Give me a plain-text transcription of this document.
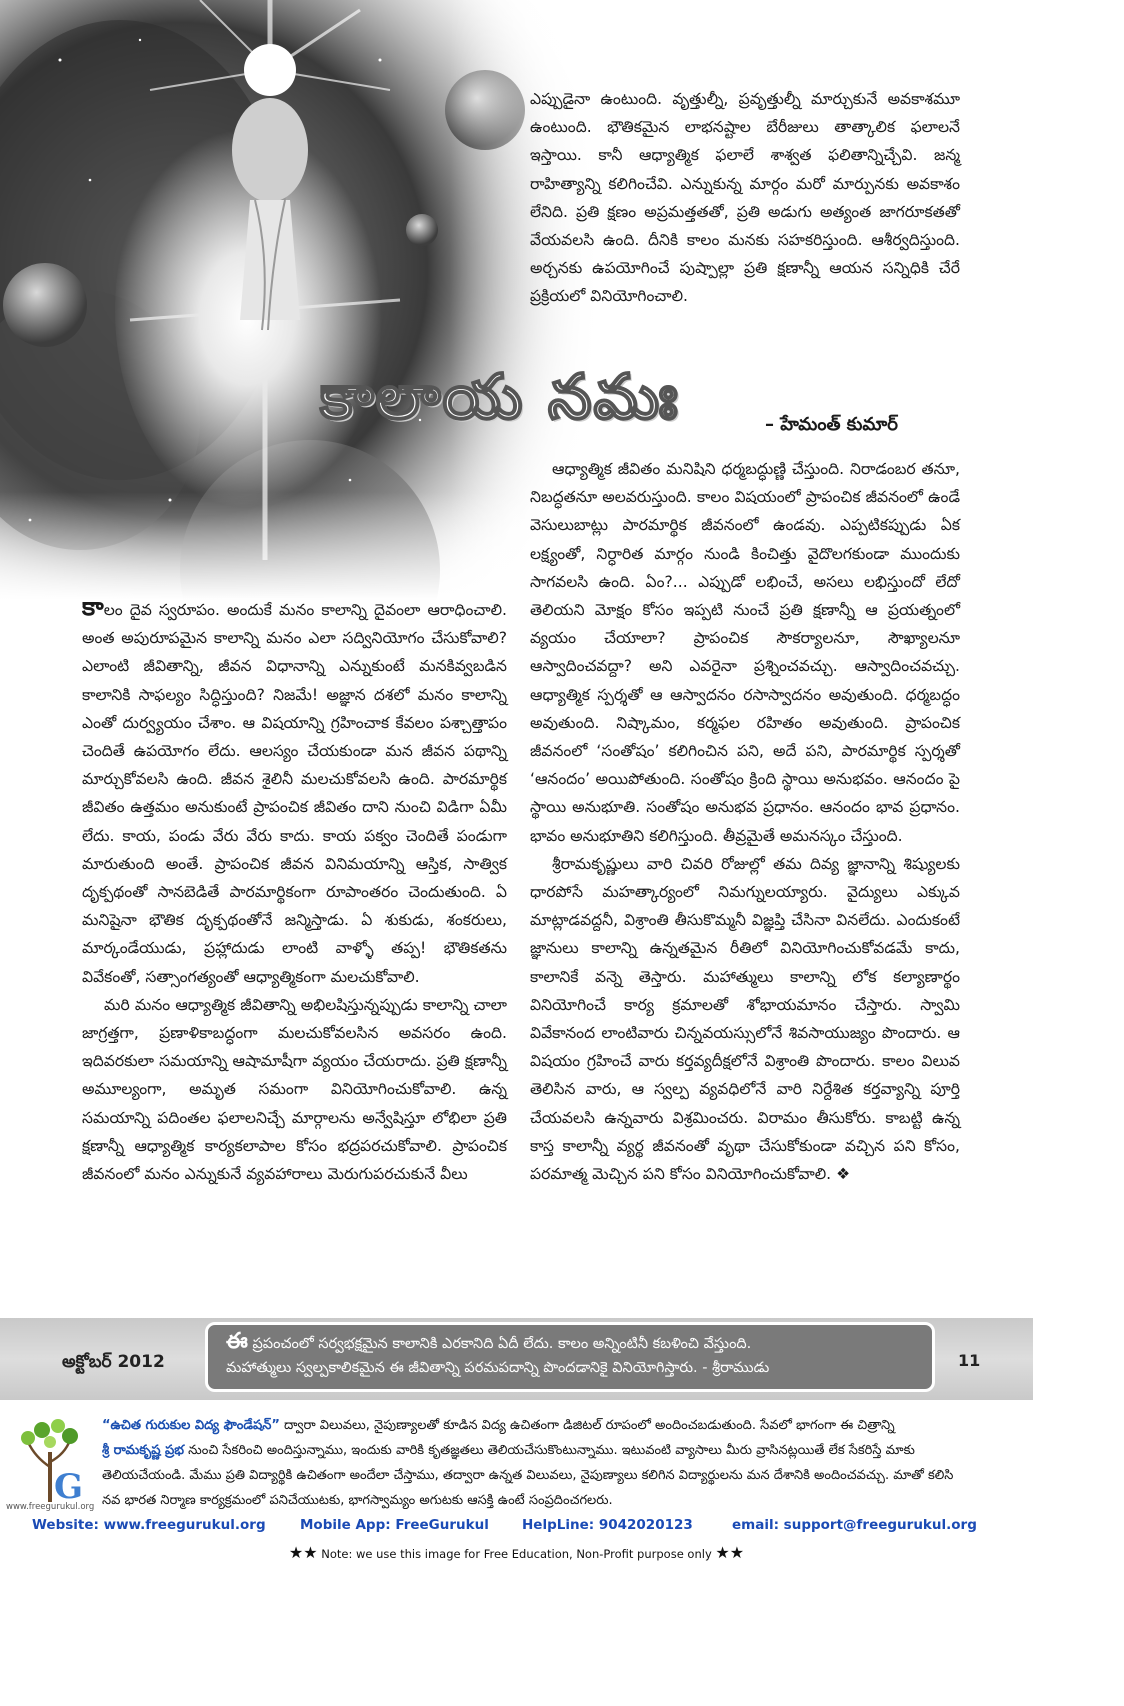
ఎప్పుడైనా ఉంటుంది. వృత్తుల్నీ, ప్రవృత్తుల్నీ మార్చుకునే అవకాశమూ ఉంటుంది. భౌతికమైన లాభనష్టాల బేరీజులు తాత్కాలిక ఫలాలనే ఇస్తాయి. కానీ ఆధ్యాత్మిక ఫలాలే శాశ్వత ఫలితాన్నిచ్చేవి. జన్మ రాహిత్యాన్ని కలిగించేవి. ఎన్నుకున్న మార్గం మరో మార్పునకు అవకాశం లేనిది. ప్రతి క్షణం అప్రమత్తతతో, ప్రతి అడుగు అత్యంత జాగరూకతతో వేయవలసి ఉంది. దీనికి కాలం మనకు సహకరిస్తుంది. ఆశీర్వదిస్తుంది. అర్చనకు ఉపయోగించే పుష్పాల్లా ప్రతి క్షణాన్నీ ఆయన సన్నిధికి చేరే ప్రక్రియలో వినియోగించాలి.

కాలాయ నమః	– హేమంత్ కుమార్

ఆధ్యాత్మిక జీవితం మనిషిని ధర్మబద్ధుణ్ణి చేస్తుంది. నిరాడంబర తనూ, నిబద్ధతనూ అలవరుస్తుంది. కాలం విషయంలో ప్రాపంచిక జీవనంలో ఉండే వెసులుబాట్లు పారమార్థిక జీవనంలో ఉండవు. ఎప్పటికప్పుడు ఏక లక్ష్యంతో, నిర్ధారిత మార్గం నుండి కించిత్తు వైదొలగకుండా ముందుకు సాగవలసి ఉంది. ఏం?... ఎప్పుడో లభించే, అసలు లభిస్తుందో లేదో తెలియని మోక్షం కోసం ఇప్పటి నుంచే ప్రతి క్షణాన్నీ ఆ ప్రయత్నంలో వ్యయం చేయాలా? ప్రాపంచిక సౌకర్యాలనూ, సౌఖ్యాలనూ ఆస్వాదించవద్దా? అని ఎవరైనా ప్రశ్నించవచ్చు. ఆస్వాదించవచ్చు. ఆధ్యాత్మిక స్పర్శతో ఆ ఆస్వాదనం రసాస్వాదనం అవుతుంది. ధర్మబద్ధం అవుతుంది. నిష్కామం, కర్మఫల రహితం అవుతుంది. ప్రాపంచిక జీవనంలో ‘సంతోషం’ కలిగించిన పని, అదే పని, పారమార్థిక స్పర్శతో ‘ఆనందం’ అయిపోతుంది. సంతోషం క్రింది స్థాయి అనుభవం. ఆనందం పై స్థాయి అనుభూతి. సంతోషం అనుభవ ప్రధానం. ఆనందం భావ ప్రధానం. భావం అనుభూతిని కలిగిస్తుంది. తీవ్రమైతే అమనస్కం చేస్తుంది.

శ్రీరామకృష్ణులు వారి చివరి రోజుల్లో తమ దివ్య జ్ఞానాన్ని శిష్యులకు ధారపోసే మహత్కార్యంలో నిమగ్నులయ్యారు. వైద్యులు ఎక్కువ మాట్లాడవద్దనీ, విశ్రాంతి తీసుకొమ్మనీ విజ్ఞప్తి చేసినా వినలేదు. ఎందుకంటే జ్ఞానులు కాలాన్ని ఉన్నతమైన రీతిలో వినియోగించుకోవడమే కాదు, కాలానికే వన్నె తెస్తారు. మహాత్ములు కాలాన్ని లోక కల్యాణార్థం వినియోగించే కార్య క్రమాలతో శోభాయమానం చేస్తారు. స్వామి వివేకానంద లాంటివారు చిన్నవయస్సులోనే శివసాయుజ్యం పొందారు. ఆ విషయం గ్రహించే వారు కర్తవ్యదీక్షలోనే విశ్రాంతి పొందారు. కాలం విలువ తెలిసిన వారు, ఆ స్వల్ప వ్యవధిలోనే వారి నిర్దేశిత కర్తవ్యాన్ని పూర్తి చేయవలసి ఉన్నవారు విశ్రమించరు. విరామం తీసుకోరు. కాబట్టి ఉన్న కాస్త కాలాన్నీ వ్యర్థ జీవనంతో వృథా చేసుకోకుండా వచ్చిన పని కోసం, పరమాత్మ మెచ్చిన పని కోసం వినియోగించుకోవాలి. ❖

కాలం దైవ స్వరూపం. అందుకే మనం కాలాన్ని దైవంలా ఆరాధించాలి. అంత అపురూపమైన కాలాన్ని మనం ఎలా సద్వినియోగం చేసుకోవాలి? ఎలాంటి జీవితాన్ని, జీవన విధానాన్ని ఎన్నుకుంటే మనకివ్వబడిన కాలానికి సాఫల్యం సిద్ధిస్తుంది? నిజమే! అజ్ఞాన దశలో మనం కాలాన్ని ఎంతో దుర్వ్యయం చేశాం. ఆ విషయాన్ని గ్రహించాక కేవలం పశ్చాత్తాపం చెందితే ఉపయోగం లేదు. ఆలస్యం చేయకుండా మన జీవన పథాన్ని మార్చుకోవలసి ఉంది. జీవన శైలినీ మలచుకోవలసి ఉంది. పారమార్థిక జీవితం ఉత్తమం అనుకుంటే ప్రాపంచిక జీవితం దాని నుంచి విడిగా ఏమీ లేదు. కాయ, పండు వేరు వేరు కాదు. కాయ పక్వం చెందితే పండుగా మారుతుంది అంతే. ప్రాపంచిక జీవన వినిమయాన్ని ఆస్తిక, సాత్విక దృక్పథంతో సానబెడితే పారమార్థికంగా రూపాంతరం చెందుతుంది. ఏ మనిషైనా భౌతిక దృక్పథంతోనే జన్మిస్తాడు. ఏ శుకుడు, శంకరులు, మార్కండేయుడు, ప్రహ్లాదుడు లాంటి వాళ్ళో తప్ప! భౌతికతను వివేకంతో, సత్సాంగత్యంతో ఆధ్యాత్మికంగా మలచుకోవాలి.

మరి మనం ఆధ్యాత్మిక జీవితాన్ని అభిలషిస్తున్నప్పుడు కాలాన్ని చాలా జాగ్రత్తగా, ప్రణాళికాబద్ధంగా మలచుకోవలసిన అవసరం ఉంది. ఇదివరకులా సమయాన్ని ఆషామాషీగా వ్యయం చేయరాదు. ప్రతి క్షణాన్నీ అమూల్యంగా, అమృత సమంగా వినియోగించుకోవాలి. ఉన్న సమయాన్ని పదింతల ఫలాలనిచ్చే మార్గాలను అన్వేషిస్తూ లోభిలా ప్రతి క్షణాన్నీ ఆధ్యాత్మిక కార్యకలాపాల కోసం భద్రపరచుకోవాలి. ప్రాపంచిక జీవనంలో మనం ఎన్నుకునే వ్యవహారాలు మెరుగుపరచుకునే వీలు

అక్టోబర్ 2012	11

ఈ ప్రపంచంలో సర్వభక్షమైన కాలానికి ఎరకానిది ఏదీ లేదు. కాలం అన్నింటినీ కబళించి వేస్తుంది.

మహాత్ములు స్వల్పకాలికమైన ఈ జీవితాన్ని పరమపదాన్ని పొందడానికై వినియోగిస్తారు. - శ్రీరాముడు

G
www.freegurukul.org

“ఉచిత గురుకుల విద్య ఫౌండేషన్” ద్వారా విలువలు, నైపుణ్యాలతో కూడిన విద్య ఉచితంగా డిజిటల్ రూపంలో అందించబడుతుంది. సేవలో భాగంగా ఈ చిత్రాన్ని

శ్రీ రామకృష్ణ ప్రభ నుంచి సేకరించి అందిస్తున్నాము, ఇందుకు వారికి కృతజ్ఞతలు తెలియచేసుకొంటున్నాము. ఇటువంటి వ్యాసాలు మీరు వ్రాసినట్లయితే లేక సేకరిస్తే మాకు

తెలియచేయండి. మేము ప్రతి విద్యార్థికి ఉచితంగా అందేలా చేస్తాము, తద్వారా ఉన్నత విలువలు, నైపుణ్యాలు కలిగిన విద్యార్థులను మన దేశానికి అందించవచ్చు. మాతో కలిసి

నవ భారత నిర్మాణ కార్యక్రమంలో పనిచేయుటకు, భాగస్వామ్యం అగుటకు ఆసక్తి ఉంటే సంప్రదించగలరు.

Website: www.freegurukul.org	Mobile App: FreeGurukul HelpLine: 9042020123	email: support@freegurukul.org
★★ Note: we use this image for Free Education, Non-Profit purpose only ★★
